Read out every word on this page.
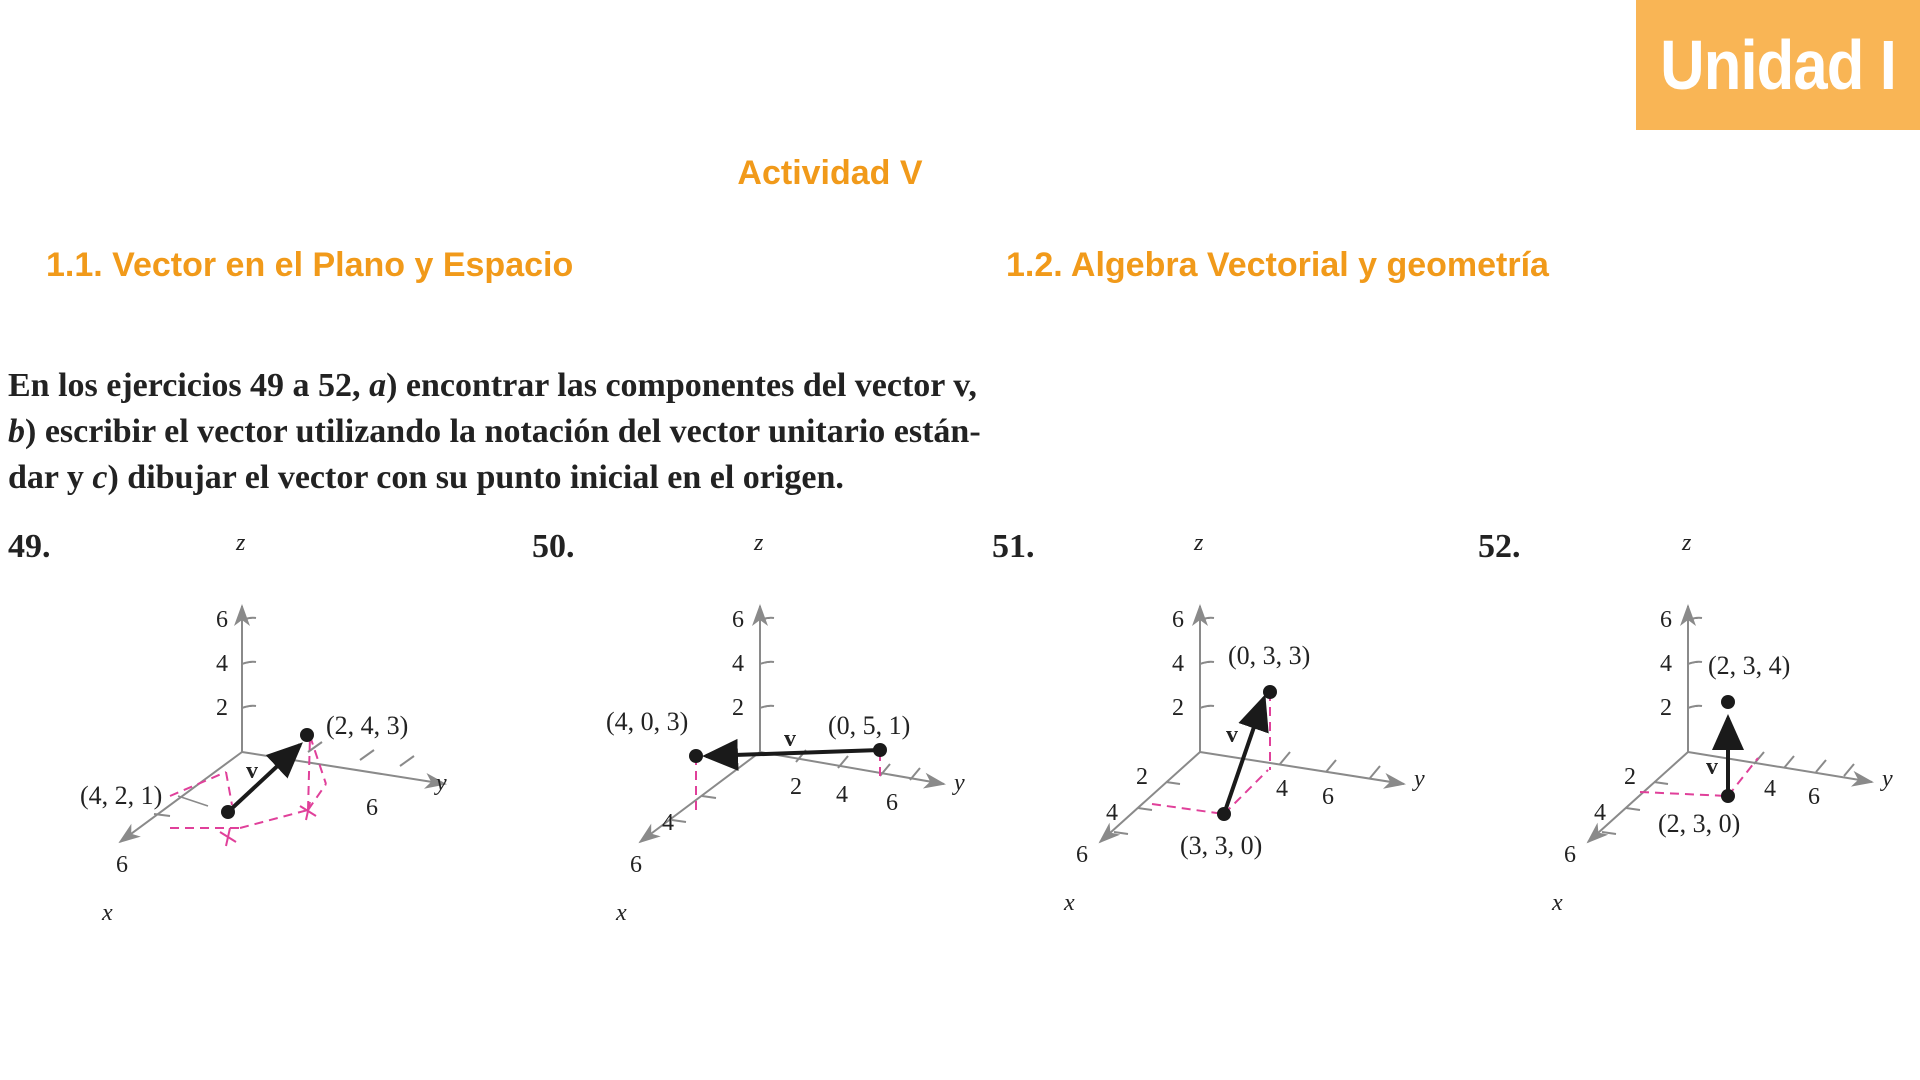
Unidad I
Actividad V
1.1. Vector en el Plano y Espacio	1.2. Algebra Vectorial y geometría
En los ejercicios 49 a 52, a) encontrar las componentes del vector v,
b) escribir el vector utilizando la notación del vector unitario están-
dar y c) dibujar el vector con su punto inicial en el origen.
49.	z
y
x
6
4
2
6
6
v
(2, 4, 3)
(4, 2, 1)
50.	z
y
x
6
4
2
2 4 6
4
6
v (0, 5, 1)
(4, 0, 3)
51.	z
y
x
6
4
2
4 6
2
4
6
v
(0, 3, 3)
(3, 3, 0)
52.	z
y
x
6
4
2
4 6
2
4
6
v
(2, 3, 4)
(2, 3, 0)
